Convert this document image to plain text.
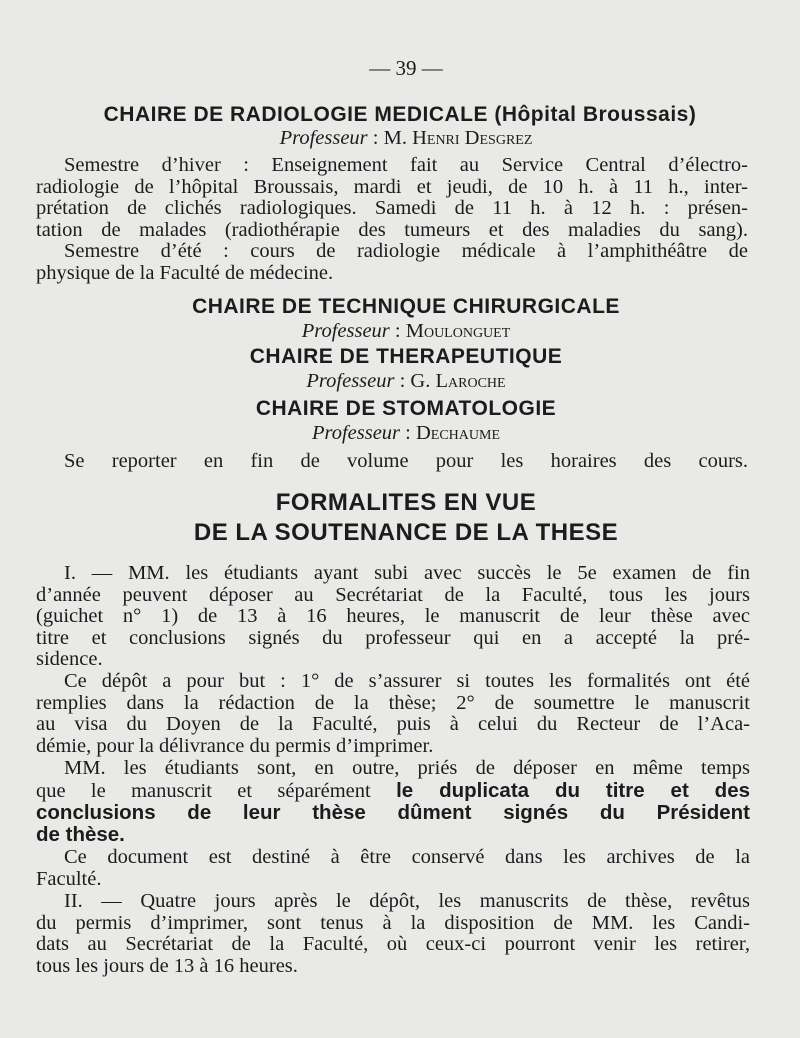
— 39 —
CHAIRE DE RADIOLOGIE MEDICALE (Hôpital Broussais)
Professeur : M. Henri Desgrez
Semestre d’hiver : Enseignement fait au Service Central d’électro-
radiologie de l’hôpital Broussais, mardi et jeudi, de 10 h. à 11 h., inter-
prétation de clichés radiologiques. Samedi de 11 h. à 12 h. : présen-
tation de malades (radiothérapie des tumeurs et des maladies du sang).
Semestre d’été : cours de radiologie médicale à l’amphithéâtre de
physique de la Faculté de médecine.
CHAIRE DE TECHNIQUE CHIRURGICALE
Professeur : Moulonguet
CHAIRE DE THERAPEUTIQUE
Professeur : G. Laroche
CHAIRE DE STOMATOLOGIE
Professeur : Dechaume
Se reporter en fin de volume pour les horaires des cours.
FORMALITES EN VUE
DE LA SOUTENANCE DE LA THESE
I. — MM. les étudiants ayant subi avec succès le 5e examen de fin
d’année peuvent déposer au Secrétariat de la Faculté, tous les jours
(guichet n° 1) de 13 à 16 heures, le manuscrit de leur thèse avec
titre et conclusions signés du professeur qui en a accepté la pré-
sidence.
Ce dépôt a pour but : 1° de s’assurer si toutes les formalités ont été
remplies dans la rédaction de la thèse; 2° de soumettre le manuscrit
au visa du Doyen de la Faculté, puis à celui du Recteur de l’Aca-
démie, pour la délivrance du permis d’imprimer.
MM. les étudiants sont, en outre, priés de déposer en même temps
que le manuscrit et séparément le duplicata du titre et des
conclusions de leur thèse dûment signés du Président
de thèse.
Ce document est destiné à être conservé dans les archives de la
Faculté.
II. — Quatre jours après le dépôt, les manuscrits de thèse, revêtus
du permis d’imprimer, sont tenus à la disposition de MM. les Candi-
dats au Secrétariat de la Faculté, où ceux-ci pourront venir les retirer,
tous les jours de 13 à 16 heures.
